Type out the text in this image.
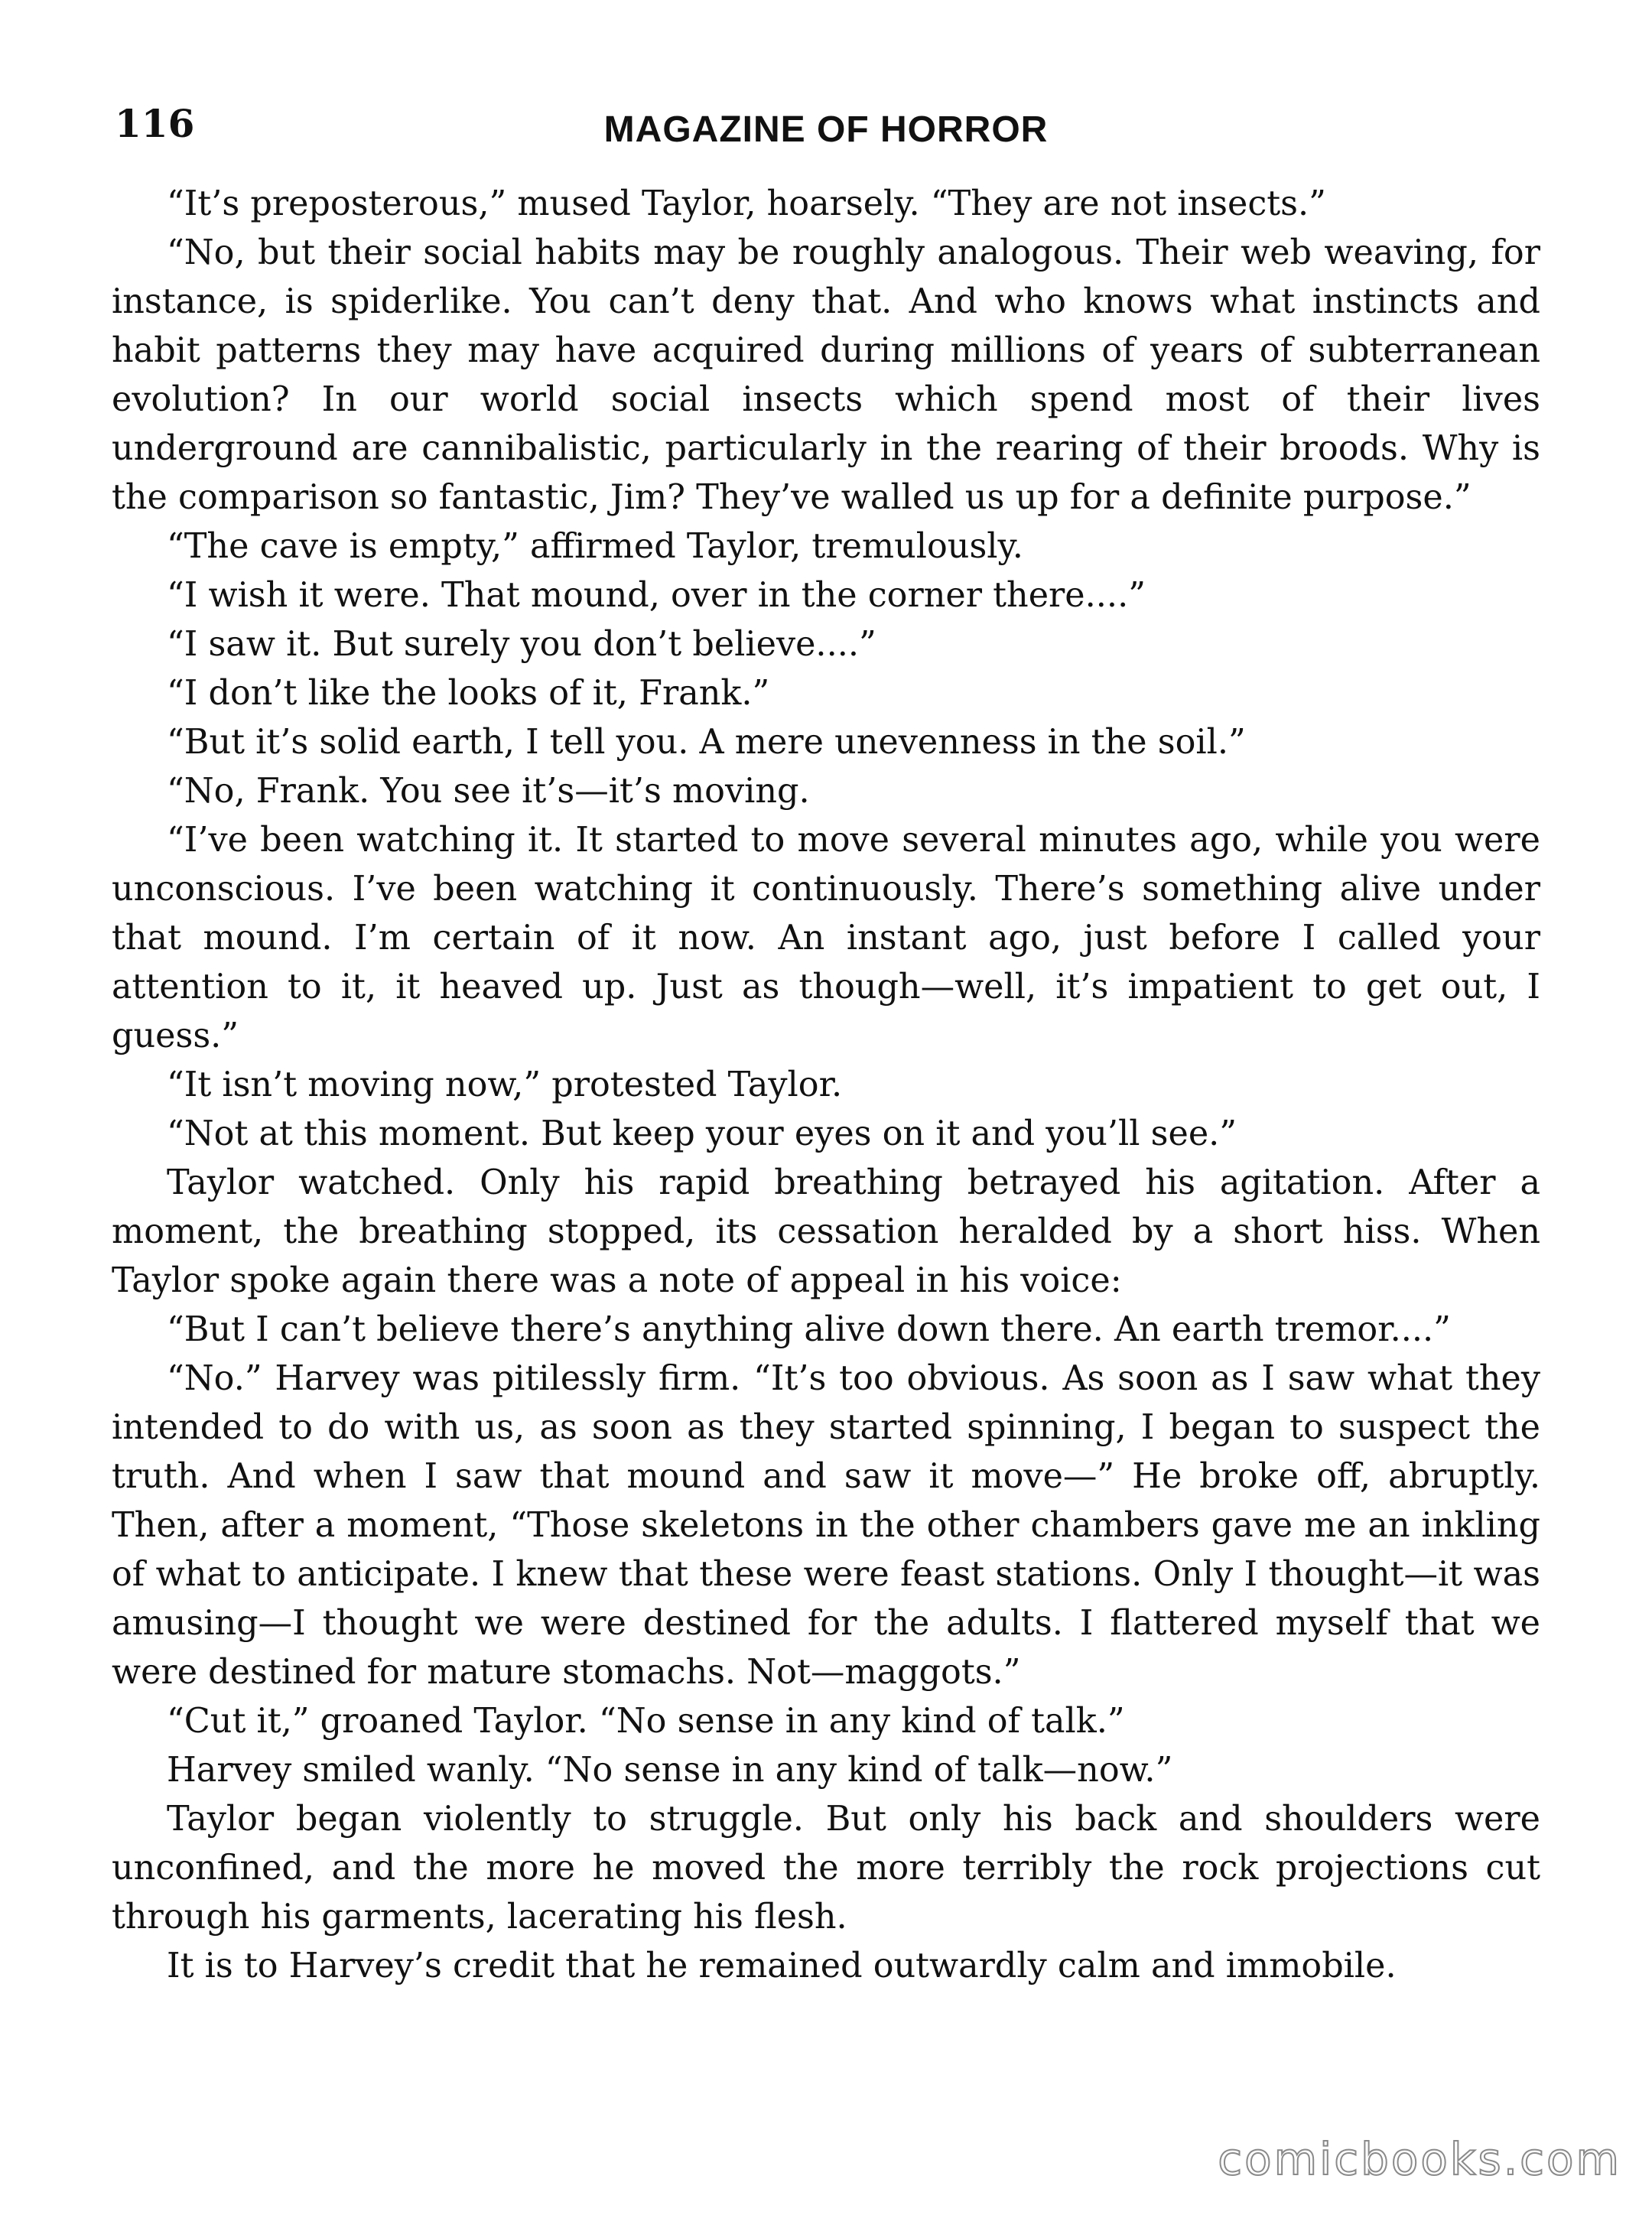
116	MAGAZINE OF HORROR

“It’s preposterous,” mused Taylor, hoarsely. “They are not insects.”

“No, but their social habits may be roughly analogous. Their web weaving, for instance, is spiderlike. You can’t deny that. And who knows what instincts and habit patterns they may have acquired during millions of years of subterranean evolution? In our world social insects which spend most of their lives underground are cannibalistic, particularly in the rearing of their broods. Why is the comparison so fantastic, Jim? They’ve walled us up for a definite purpose.”

“The cave is empty,” affirmed Taylor, tremulously.

“I wish it were. That mound, over in the corner there....”

“I saw it. But surely you don’t believe....”

“I don’t like the looks of it, Frank.”

“But it’s solid earth, I tell you. A mere unevenness in the soil.”

“No, Frank. You see it’s—it’s moving.

“I’ve been watching it. It started to move several minutes ago, while you were unconscious. I’ve been watching it continuously. There’s something alive under that mound. I’m certain of it now. An instant ago, just before I called your attention to it, it heaved up. Just as though—well, it’s impatient to get out, I guess.”

“It isn’t moving now,” protested Taylor.

“Not at this moment. But keep your eyes on it and you’ll see.”

Taylor watched. Only his rapid breathing betrayed his agitation. After a moment, the breathing stopped, its cessation heralded by a short hiss. When Taylor spoke again there was a note of appeal in his voice:

“But I can’t believe there’s anything alive down there. An earth tremor....”

“No.” Harvey was pitilessly firm. “It’s too obvious. As soon as I saw what they intended to do with us, as soon as they started spinning, I began to suspect the truth. And when I saw that mound and saw it move—” He broke off, abruptly. Then, after a moment, “Those skeletons in the other chambers gave me an inkling of what to anticipate. I knew that these were feast stations. Only I thought—it was amusing—I thought we were destined for the adults. I flattered myself that we were destined for mature stomachs. Not—maggots.”

“Cut it,” groaned Taylor. “No sense in any kind of talk.”

Harvey smiled wanly. “No sense in any kind of talk—now.”

Taylor began violently to struggle. But only his back and shoulders were unconfined, and the more he moved the more terribly the rock projections cut through his garments, lacerating his flesh.

It is to Harvey’s credit that he remained outwardly calm and immobile.

comicbooks.com
